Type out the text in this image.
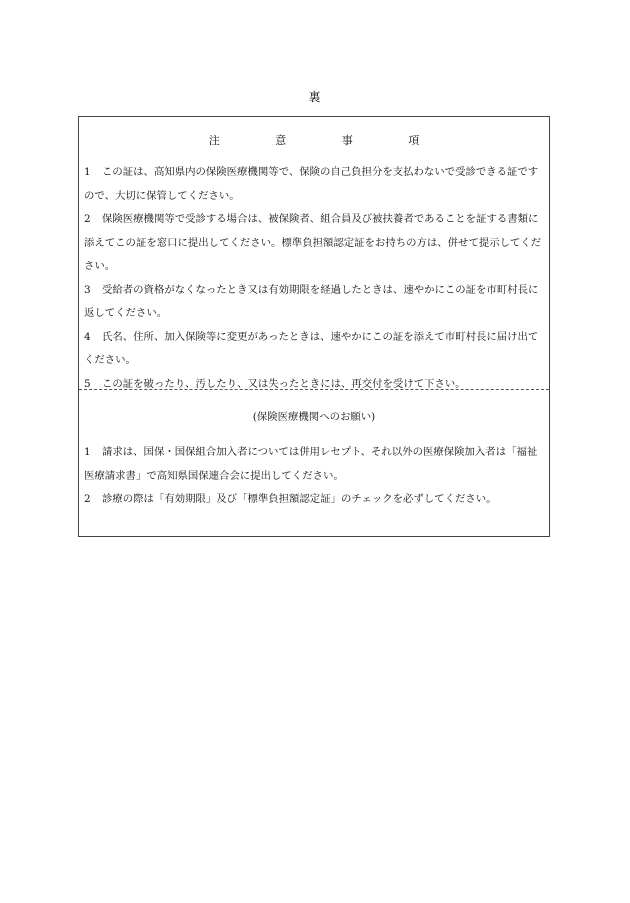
裏
注 意 事 項
1 この証は、高知県内の保険医療機関等で、保険の自己負担分を支払わないで受診できる証ですので、大切に保管してください。
2 保険医療機関等で受診する場合は、被保険者、組合員及び被扶養者であることを証する書類に添えてこの証を窓口に提出してください。標準負担額認定証をお持ちの方は、併せて提示してください。
3 受給者の資格がなくなったとき又は有効期限を経過したときは、速やかにこの証を市町村長に返してください。
4 氏名、住所、加入保険等に変更があったときは、速やかにこの証を添えて市町村長に届け出てください。
5 この証を破ったり、汚したり、又は失ったときには、再交付を受けて下さい。
(保険医療機関へのお願い)
1 請求は、国保・国保組合加入者については併用レセプト、それ以外の医療保険加入者は「福祉医療請求書」で高知県国保連合会に提出してください。
2 診療の際は「有効期限」及び「標準負担額認定証」のチェックを必ずしてください。
